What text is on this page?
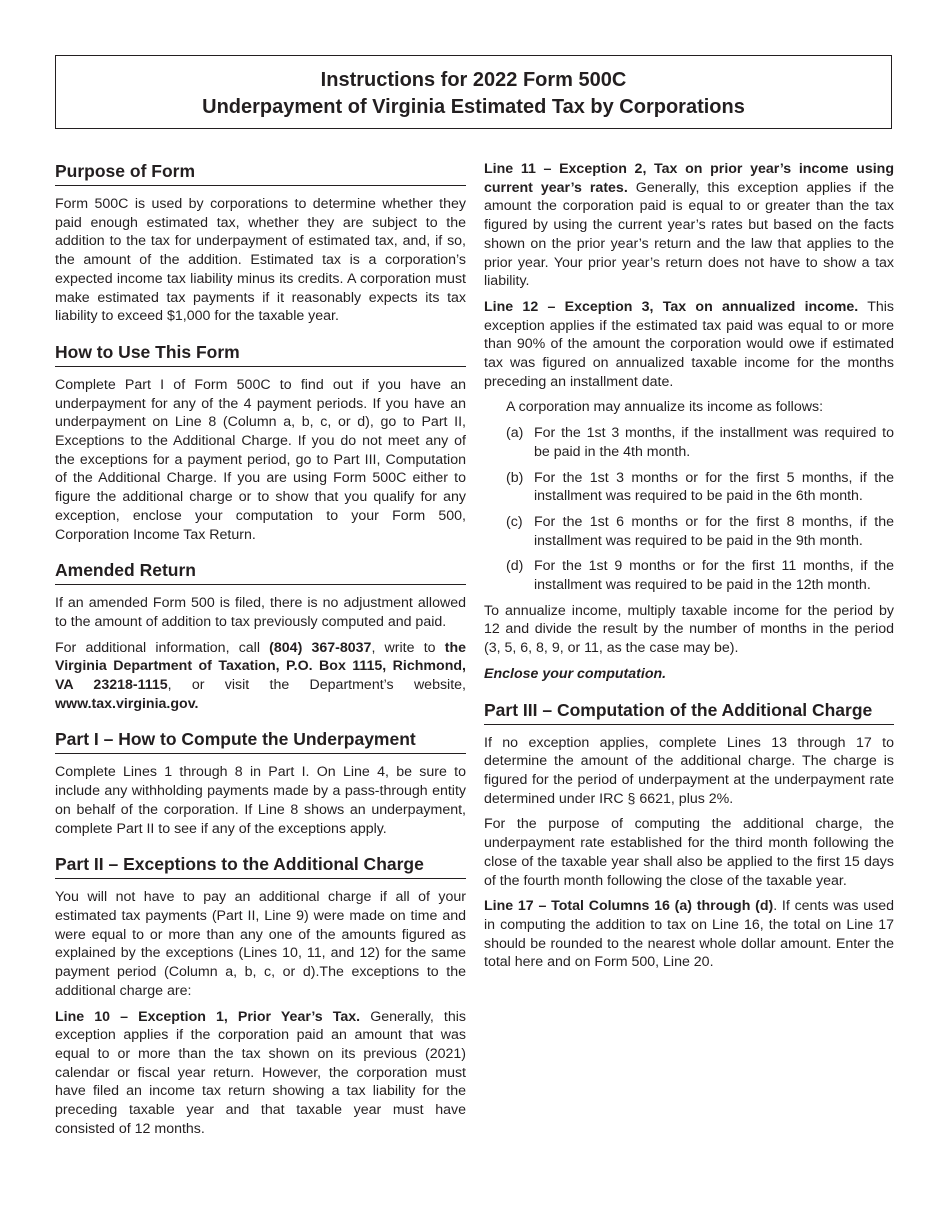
Instructions for 2022 Form 500C
Underpayment of Virginia Estimated Tax by Corporations
Purpose of Form

Form 500C is used by corporations to determine whether they paid enough estimated tax, whether they are subject to the addition to the tax for underpayment of estimated tax, and, if so, the amount of the addition. Estimated tax is a corporation’s expected income tax liability minus its credits. A corporation must make estimated tax payments if it reasonably expects its tax liability to exceed $1,000 for the taxable year.

How to Use This Form

Complete Part I of Form 500C to find out if you have an underpayment for any of the 4 payment periods. If you have an underpayment on Line 8 (Column a, b, c, or d), go to Part II, Exceptions to the Additional Charge. If you do not meet any of the exceptions for a payment period, go to Part III, Computation of the Additional Charge. If you are using Form 500C either to figure the additional charge or to show that you qualify for any exception, enclose your computation to your Form 500, Corporation Income Tax Return.

Amended Return

If an amended Form 500 is filed, there is no adjustment allowed to the amount of addition to tax previously computed and paid.

For additional information, call (804) 367-8037, write to the Virginia Department of Taxation, P.O. Box 1115, Richmond, VA 23218-1115, or visit the Department’s website, www.tax.virginia.gov.

Part I – How to Compute the Underpayment

Complete Lines 1 through 8 in Part I. On Line 4, be sure to include any withholding payments made by a pass-through entity on behalf of the corporation. If Line 8 shows an underpayment, complete Part II to see if any of the exceptions apply.

Part II – Exceptions to the Additional Charge

You will not have to pay an additional charge if all of your estimated tax payments (Part II, Line 9) were made on time and were equal to or more than any one of the amounts figured as explained by the exceptions (Lines 10, 11, and 12) for the same payment period (Column a, b, c, or d).The exceptions to the additional charge are:

Line 10 – Exception 1, Prior Year’s Tax. Generally, this exception applies if the corporation paid an amount that was equal to or more than the tax shown on its previous (2021) calendar or fiscal year return. However, the corporation must have filed an income tax return showing a tax liability for the preceding taxable year and that taxable year must have consisted of 12 months.

Line 11 – Exception 2, Tax on prior year’s income using current year’s rates. Generally, this exception applies if the amount the corporation paid is equal to or greater than the tax figured by using the current year’s rates but based on the facts shown on the prior year’s return and the law that applies to the prior year. Your prior year’s return does not have to show a tax liability.

Line 12 – Exception 3, Tax on annualized income. This exception applies if the estimated tax paid was equal to or more than 90% of the amount the corporation would owe if estimated tax was figured on annualized taxable income for the months preceding an installment date.

A corporation may annualize its income as follows:

(a) For the 1st 3 months, if the installment was required to be paid in the 4th month.
(b) For the 1st 3 months or for the first 5 months, if the installment was required to be paid in the 6th month.
(c) For the 1st 6 months or for the first 8 months, if the installment was required to be paid in the 9th month.
(d) For the 1st 9 months or for the first 11 months, if the installment was required to be paid in the 12th month.

To annualize income, multiply taxable income for the period by 12 and divide the result by the number of months in the period (3, 5, 6, 8, 9, or 11, as the case may be).

Enclose your computation.

Part III – Computation of the Additional Charge

If no exception applies, complete Lines 13 through 17 to determine the amount of the additional charge. The charge is figured for the period of underpayment at the underpayment rate determined under IRC § 6621, plus 2%.

For the purpose of computing the additional charge, the underpayment rate established for the third month following the close of the taxable year shall also be applied to the first 15 days of the fourth month following the close of the taxable year.

Line 17 – Total Columns 16 (a) through (d). If cents was used in computing the addition to tax on Line 16, the total on Line 17 should be rounded to the nearest whole dollar amount. Enter the total here and on Form 500, Line 20.
